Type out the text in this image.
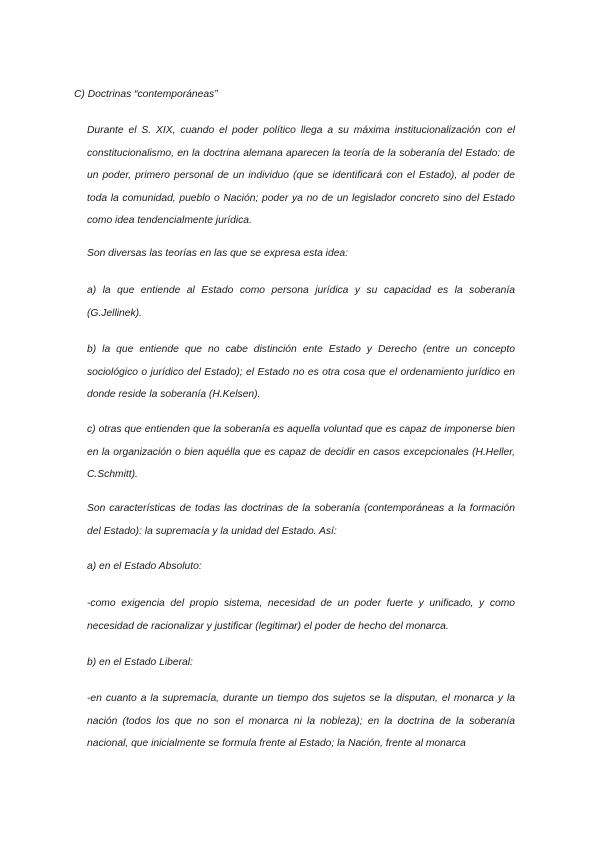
C) Doctrinas “contemporáneas”

Durante el S. XIX, cuando el poder político llega a su máxima institucionalización con el constitucionalismo, en la doctrina alemana aparecen la teoría de la soberanía del Estado: de un poder, primero personal de un individuo (que se identificará con el Estado), al poder de toda la comunidad, pueblo o Nación; poder ya no de un legislador concreto sino del Estado como idea tendencialmente jurídica.

Son diversas las teorías en las que se expresa esta idea:

a) la que entiende al Estado como persona jurídica y su capacidad es la soberanía (G.Jellinek).

b) la que entiende que no cabe distinción ente Estado y Derecho (entre un concepto sociológico o jurídico del Estado); el Estado no es otra cosa que el ordenamiento jurídico en donde reside la soberanía (H.Kelsen).

c) otras que entienden que la soberanía es aquella voluntad que es capaz de imponerse bien en la organización o bien aquélla que es capaz de decidir en casos excepcionales (H.Heller, C.Schmitt).

Son características de todas las doctrinas de la soberanía (contemporáneas a la formación del Estado): la supremacía y la unidad del Estado. Así:

a) en el Estado Absoluto:

-como exigencia del propio sistema, necesidad de un poder fuerte y unificado, y como necesidad de racionalizar y justificar (legitimar) el poder de hecho del monarca.

b) en el Estado Liberal:

-en cuanto a la supremacía, durante un tiempo dos sujetos se la disputan, el monarca y la nación (todos los que no son el monarca ni la nobleza); en la doctrina de la soberanía nacional, que inicialmente se formula frente al Estado; la Nación, frente al monarca
